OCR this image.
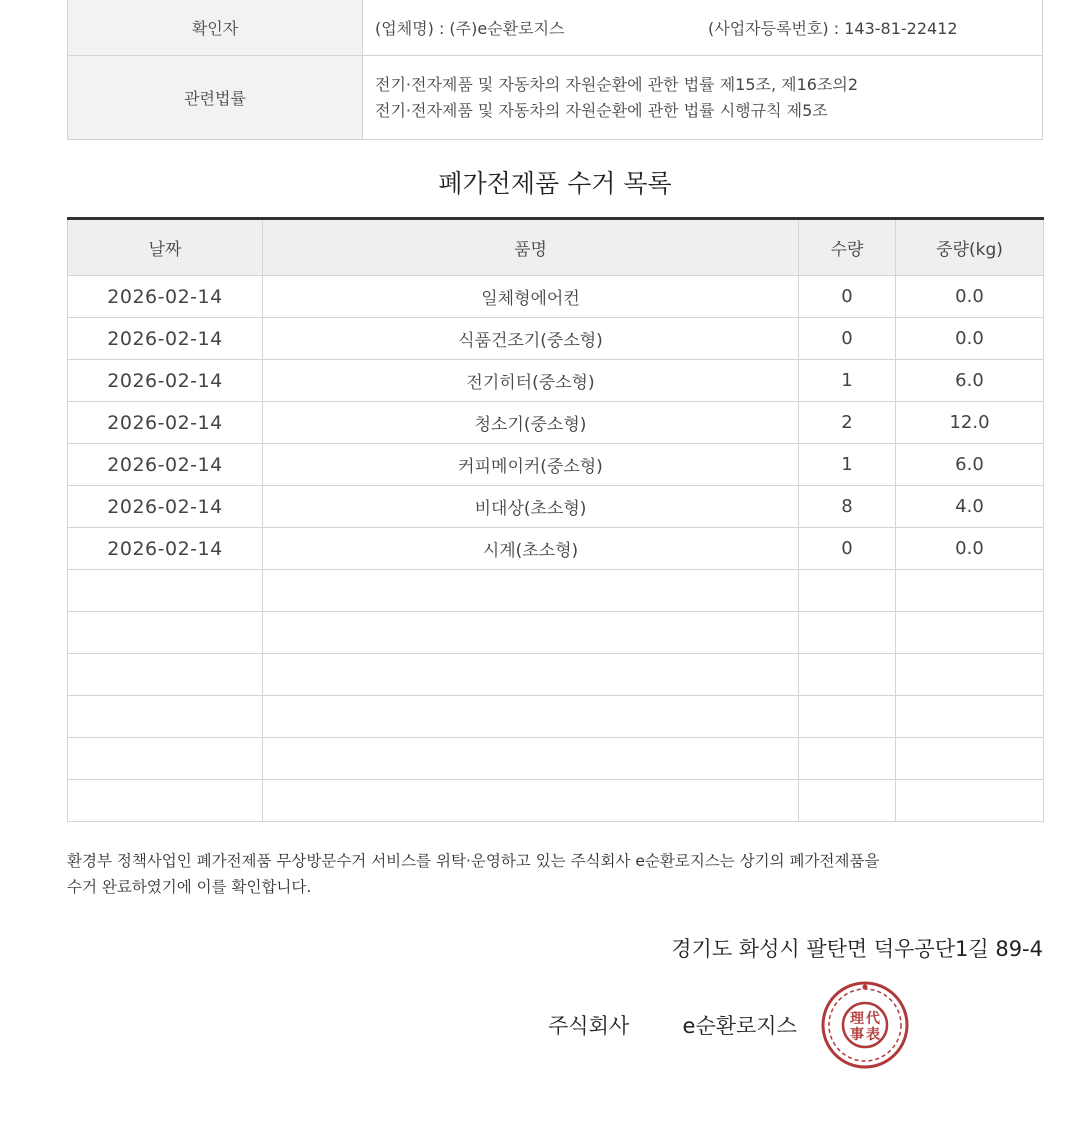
확인자	(업체명) : (주)e순환로지스 (사업자등록번호) : 143-81-22412

관련법률	전기·전자제품 및 자동차의 자원순환에 관한 법률 제15조, 제16조의2
전기·전자제품 및 자동차의 자원순환에 관한 법률 시행규칙 제5조
폐가전제품 수거 목록
날짜	품명	수량	중량(kg)
2026-02-14	일체형에어컨	0	0.0
2026-02-14	식품건조기(중소형)	0	0.0
2026-02-14	전기히터(중소형)	1	6.0
2026-02-14	청소기(중소형)	2	12.0
2026-02-14	커피메이커(중소형)	1	6.0
2026-02-14	비대상(초소형)	8	4.0
2026-02-14	시계(초소형)	0	0.0

환경부 정책사업인 폐가전제품 무상방문수거 서비스를 위탁·운영하고 있는 주식회사 e순환로지스는 상기의 폐가전제품을
수거 완료하였기에 이를 확인합니다.
경기도 화성시 팔탄면 덕우공단1길 89-4
주식회사	e순환로지스	理 代
事 表
